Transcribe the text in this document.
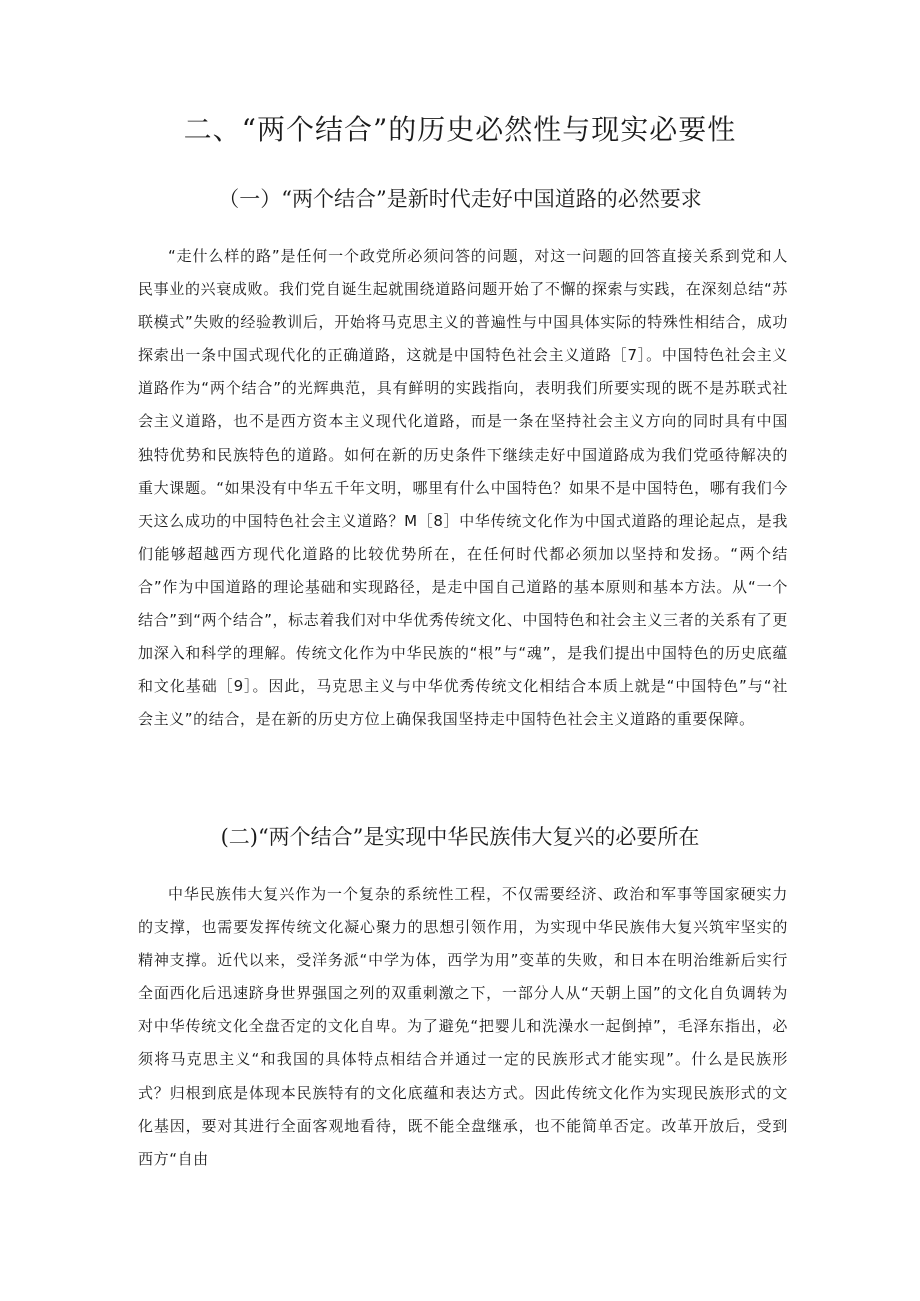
二、“两个结合”的历史必然性与现实必要性
（一）“两个结合”是新时代走好中国道路的必然要求

“走什么样的路”是任何一个政党所必须问答的问题，对这一问题的回答直接关系到党和人民事业的兴衰成败。我们党自诞生起就围绕道路问题开始了不懈的探索与实践，在深刻总结“苏联模式”失败的经验教训后，开始将马克思主义的普遍性与中国具体实际的特殊性相结合，成功探索出一条中国式现代化的正确道路，这就是中国特色社会主义道路［7］。中国特色社会主义道路作为“两个结合”的光辉典范，具有鲜明的实践指向，表明我们所要实现的既不是苏联式社会主义道路，也不是西方资本主义现代化道路，而是一条在坚持社会主义方向的同时具有中国独特优势和民族特色的道路。如何在新的历史条件下继续走好中国道路成为我们党亟待解决的重大课题。“如果没有中华五千年文明，哪里有什么中国特色？如果不是中国特色，哪有我们今天这么成功的中国特色社会主义道路？M［8］中华传统文化作为中国式道路的理论起点，是我们能够超越西方现代化道路的比较优势所在，在任何时代都必须加以坚持和发扬。“两个结合”作为中国道路的理论基础和实现路径，是走中国自己道路的基本原则和基本方法。从“一个结合”到“两个结合”，标志着我们对中华优秀传统文化、中国特色和社会主义三者的关系有了更加深入和科学的理解。传统文化作为中华民族的“根”与“魂”，是我们提出中国特色的历史底蕴和文化基础［9］。因此，马克思主义与中华优秀传统文化相结合本质上就是“中国特色”与“社会主义”的结合，是在新的历史方位上确保我国坚持走中国特色社会主义道路的重要保障。

(二)“两个结合”是实现中华民族伟大复兴的必要所在

中华民族伟大复兴作为一个复杂的系统性工程，不仅需要经济、政治和军事等国家硬实力的支撑，也需要发挥传统文化凝心聚力的思想引领作用，为实现中华民族伟大复兴筑牢坚实的精神支撑。近代以来，受洋务派“中学为体，西学为用”变革的失败，和日本在明治维新后实行全面西化后迅速跻身世界强国之列的双重刺激之下，一部分人从“天朝上国”的文化自负调转为对中华传统文化全盘否定的文化自卑。为了避免“把婴儿和洗澡水一起倒掉”，毛泽东指出，必须将马克思主义“和我国的具体特点相结合并通过一定的民族形式才能实现”。什么是民族形式？归根到底是体现本民族特有的文化底蕴和表达方式。因此传统文化作为实现民族形式的文化基因，要对其进行全面客观地看待，既不能全盘继承，也不能简单否定。改革开放后，受到西方“自由
